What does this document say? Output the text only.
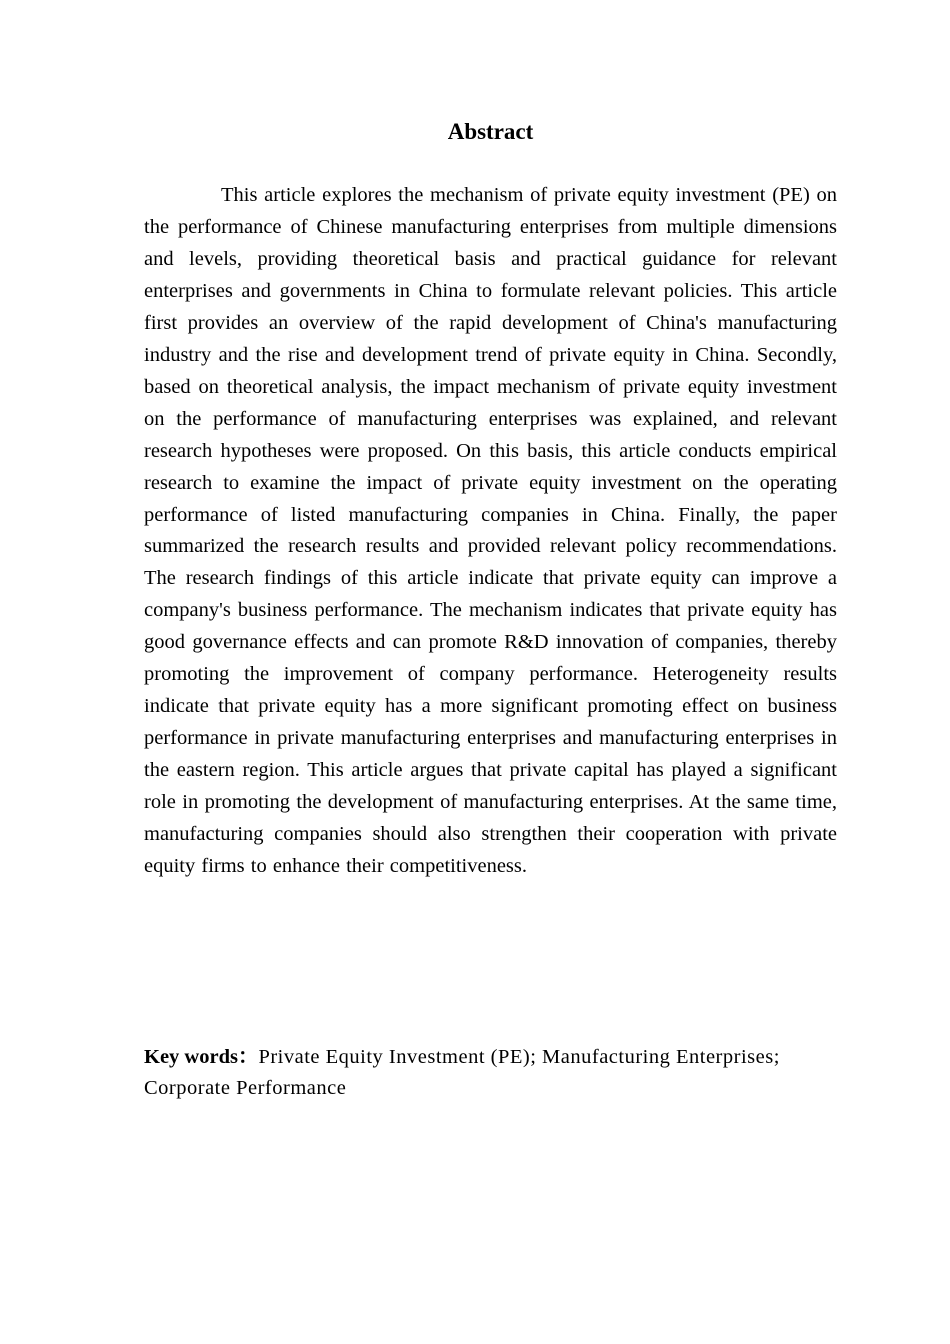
Abstract

This article explores the mechanism of private equity investment (PE) on the performance of Chinese manufacturing enterprises from multiple dimensions and levels, providing theoretical basis and practical guidance for relevant enterprises and governments in China to formulate relevant policies. This article first provides an overview of the rapid development of China's manufacturing industry and the rise and development trend of private equity in China. Secondly, based on theoretical analysis, the impact mechanism of private equity investment on the performance of manufacturing enterprises was explained, and relevant research hypotheses were proposed. On this basis, this article conducts empirical research to examine the impact of private equity investment on the operating performance of listed manufacturing companies in China. Finally, the paper summarized the research results and provided relevant policy recommendations. The research findings of this article indicate that private equity can improve a company's business performance. The mechanism indicates that private equity has good governance effects and can promote R&D innovation of companies, thereby promoting the improvement of company performance. Heterogeneity results indicate that private equity has a more significant promoting effect on business performance in private manufacturing enterprises and manufacturing enterprises in the eastern region. This article argues that private capital has played a significant role in promoting the development of manufacturing enterprises. At the same time, manufacturing companies should also strengthen their cooperation with private equity firms to enhance their competitiveness.

Key words：Private Equity Investment (PE); Manufacturing Enterprises; Corporate Performance
